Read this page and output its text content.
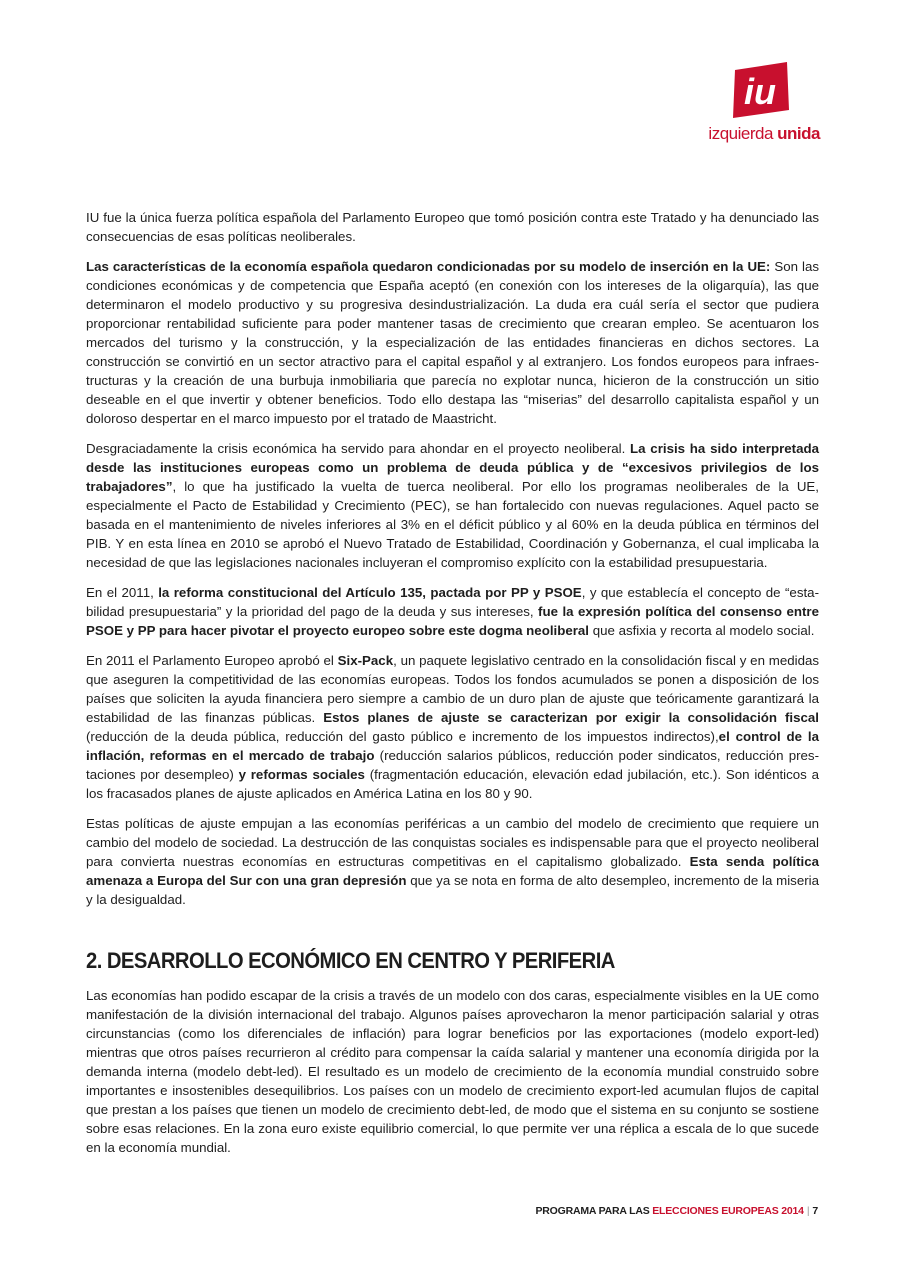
iu
izquierda unida

IU fue la única fuerza política española del Parlamento Europeo que tomó posición contra este Tratado y ha denunciado las consecuencias de esas políticas neoliberales.

Las características de la economía española quedaron condicionadas por su modelo de inserción en la UE: Son las condiciones económicas y de competencia que España aceptó (en conexión con los intereses de la oligarquía), las que determinaron el modelo productivo y su progresiva desindustrialización. La duda era cuál sería el sector que pudiera proporcionar rentabilidad suficiente para poder mantener tasas de crecimiento que crearan empleo. Se acentuaron los mercados del turismo y la construcción, y la especialización de las entidades financieras en dichos sectores. La construcción se convirtió en un sector atractivo para el capital español y al extranjero. Los fondos europeos para infraestructuras y la creación de una burbuja inmobiliaria que parecía no explotar nunca, hicieron de la construcción un sitio deseable en el que invertir y obtener beneficios. Todo ello destapa las “miserias” del desarrollo capitalista español y un doloroso despertar en el marco impuesto por el tratado de Maastricht.

Desgraciadamente la crisis económica ha servido para ahondar en el proyecto neoliberal. La crisis ha sido interpretada desde las instituciones europeas como un problema de deuda pública y de “excesivos privilegios de los trabajadores”, lo que ha justificado la vuelta de tuerca neoliberal. Por ello los programas neoliberales de la UE, especialmente el Pacto de Estabilidad y Crecimiento (PEC), se han fortalecido con nuevas regulaciones. Aquel pacto se basada en el mantenimiento de niveles inferiores al 3% en el déficit público y al 60% en la deuda pública en términos del PIB. Y en esta línea en 2010 se aprobó el Nuevo Tratado de Estabilidad, Coordinación y Gobernanza, el cual implicaba la necesidad de que las legislaciones nacionales incluyeran el compromiso explícito con la estabilidad presupuestaria.

En el 2011, la reforma constitucional del Artículo 135, pactada por PP y PSOE, y que establecía el concepto de “estabilidad presupuestaria” y la prioridad del pago de la deuda y sus intereses, fue la expresión política del consenso entre PSOE y PP para hacer pivotar el proyecto europeo sobre este dogma neoliberal que asfixia y recorta al modelo social.

En 2011 el Parlamento Europeo aprobó el Six-Pack, un paquete legislativo centrado en la consolidación fiscal y en medidas que aseguren la competitividad de las economías europeas. Todos los fondos acumulados se ponen a disposición de los países que soliciten la ayuda financiera pero siempre a cambio de un duro plan de ajuste que teóricamente garantizará la estabilidad de las finanzas públicas. Estos planes de ajuste se caracterizan por exigir la consolidación fiscal (reducción de la deuda pública, reducción del gasto público e incremento de los impuestos indirectos),el control de la inflación, reformas en el mercado de trabajo (reducción salarios públicos, reducción poder sindicatos, reducción prestaciones por desempleo) y reformas sociales (fragmentación educación, elevación edad jubilación, etc.). Son idénticos a los fracasados planes de ajuste aplicados en América Latina en los 80 y 90.

Estas políticas de ajuste empujan a las economías periféricas a un cambio del modelo de crecimiento que requiere un cambio del modelo de sociedad. La destrucción de las conquistas sociales es indispensable para que el proyecto neoliberal para convierta nuestras economías en estructuras competitivas en el capitalismo globalizado. Esta senda política amenaza a Europa del Sur con una gran depresión que ya se nota en forma de alto desempleo, incremento de la miseria y la desigualdad.

2. DESARROLLO ECONÓMICO EN CENTRO Y PERIFERIA

Las economías han podido escapar de la crisis a través de un modelo con dos caras, especialmente visibles en la UE como manifestación de la división internacional del trabajo. Algunos países aprovecharon la menor participación salarial y otras circunstancias (como los diferenciales de inflación) para lograr beneficios por las exportaciones (modelo export-led) mientras que otros países recurrieron al crédito para compensar la caída salarial y mantener una economía dirigida por la demanda interna (modelo debt-led). El resultado es un modelo de crecimiento de la economía mundial construido sobre importantes e insostenibles desequilibrios. Los países con un modelo de crecimiento export-led acumulan flujos de capital que prestan a los países que tienen un modelo de crecimiento debt-led, de modo que el sistema en su conjunto se sostiene sobre esas relaciones. En la zona euro existe equilibrio comercial, lo que permite ver una réplica a escala de lo que sucede en la economía mundial.

PROGRAMA PARA LAS ELECCIONES EUROPEAS 2014 | 7
